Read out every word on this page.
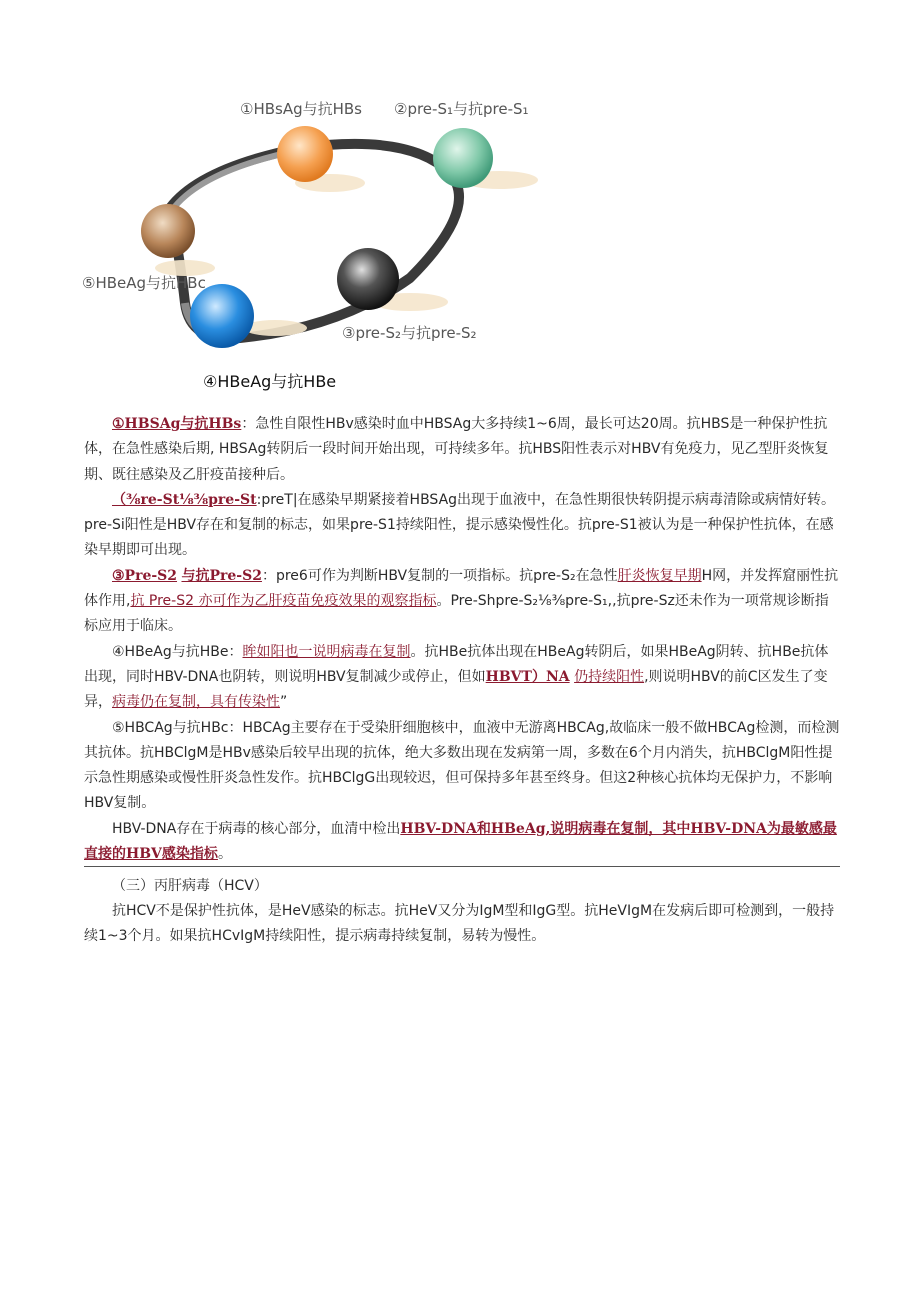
①HBsAg与抗HBs ②pre-S₁与抗pre-S₁
⑤HBeAg与抗HBc
③pre-S₂与抗pre-S₂
④HBeAg与抗HBe

①HBSAg与抗HBs：急性自限性HBv感染时血中HBSAg大多持续1~6周，最长可达20周。抗HBS是一种保护性抗体，在急性感染后期, HBSAg转阴后一段时间开始出现，可持续多年。抗HBS阳性表示对HBV有免疫力，见乙型肝炎恢复期、既往感染及乙肝疫苗接种后。

（⅜re-St⅛⅜pre-St:preT|在感染早期紧接着HBSAg出现于血液中，在急性期很快转阴提示病毒清除或病情好转。pre-Si阳性是HBV存在和复制的标志，如果pre-S1持续阳性，提示感染慢性化。抗pre-S1被认为是一种保护性抗体，在感染早期即可出现。

③Pre-S2 与抗Pre-S2：pre6可作为判断HBV复制的一项指标。抗pre-S₂在急性肝炎恢复早期H网，并发挥窟丽性抗体作用,抗 Pre-S2 亦可作为乙肝疫苗免疫效果的观察指标。Pre-Shpre-S₂⅛⅜pre-S₁,,抗pre-Sz还未作为一项常规诊断指标应用于临床。

④HBeAg与抗HBe：眸如阳也一说明病毒在复制。抗HBe抗体出现在HBeAg转阴后，如果HBeAg阴转、抗HBe抗体出现，同时HBV-DNA也阴转，则说明HBV复制减少或停止，但如HBVT）NA 仍持续阳性,则说明HBV的前C区发生了变异，病毒仍在复制，具有传染性”

⑤HBCAg与抗HBc：HBCAg主要存在于受染肝细胞核中，血液中无游离HBCAg,故临床一般不做HBCAg检测，而检测其抗体。抗HBClgM是HBv感染后较早出现的抗体，绝大多数出现在发病第一周，多数在6个月内消失，抗HBClgM阳性提示急性期感染或慢性肝炎急性发作。抗HBClgG出现较迟，但可保持多年甚至终身。但这2种核心抗体均无保护力，不影响HBV复制。

HBV-DNA存在于病毒的核心部分，血清中检出HBV-DNA和HBeAg,说明病毒在复制，其中HBV-DNA为最敏感最直接的HBV感染指标。

（三）丙肝病毒（HCV）

抗HCV不是保护性抗体，是HeV感染的标志。抗HeV又分为IgM型和IgG型。抗HeVIgM在发病后即可检测到，一般持续1~3个月。如果抗HCvIgM持续阳性，提示病毒持续复制，易转为慢性。
